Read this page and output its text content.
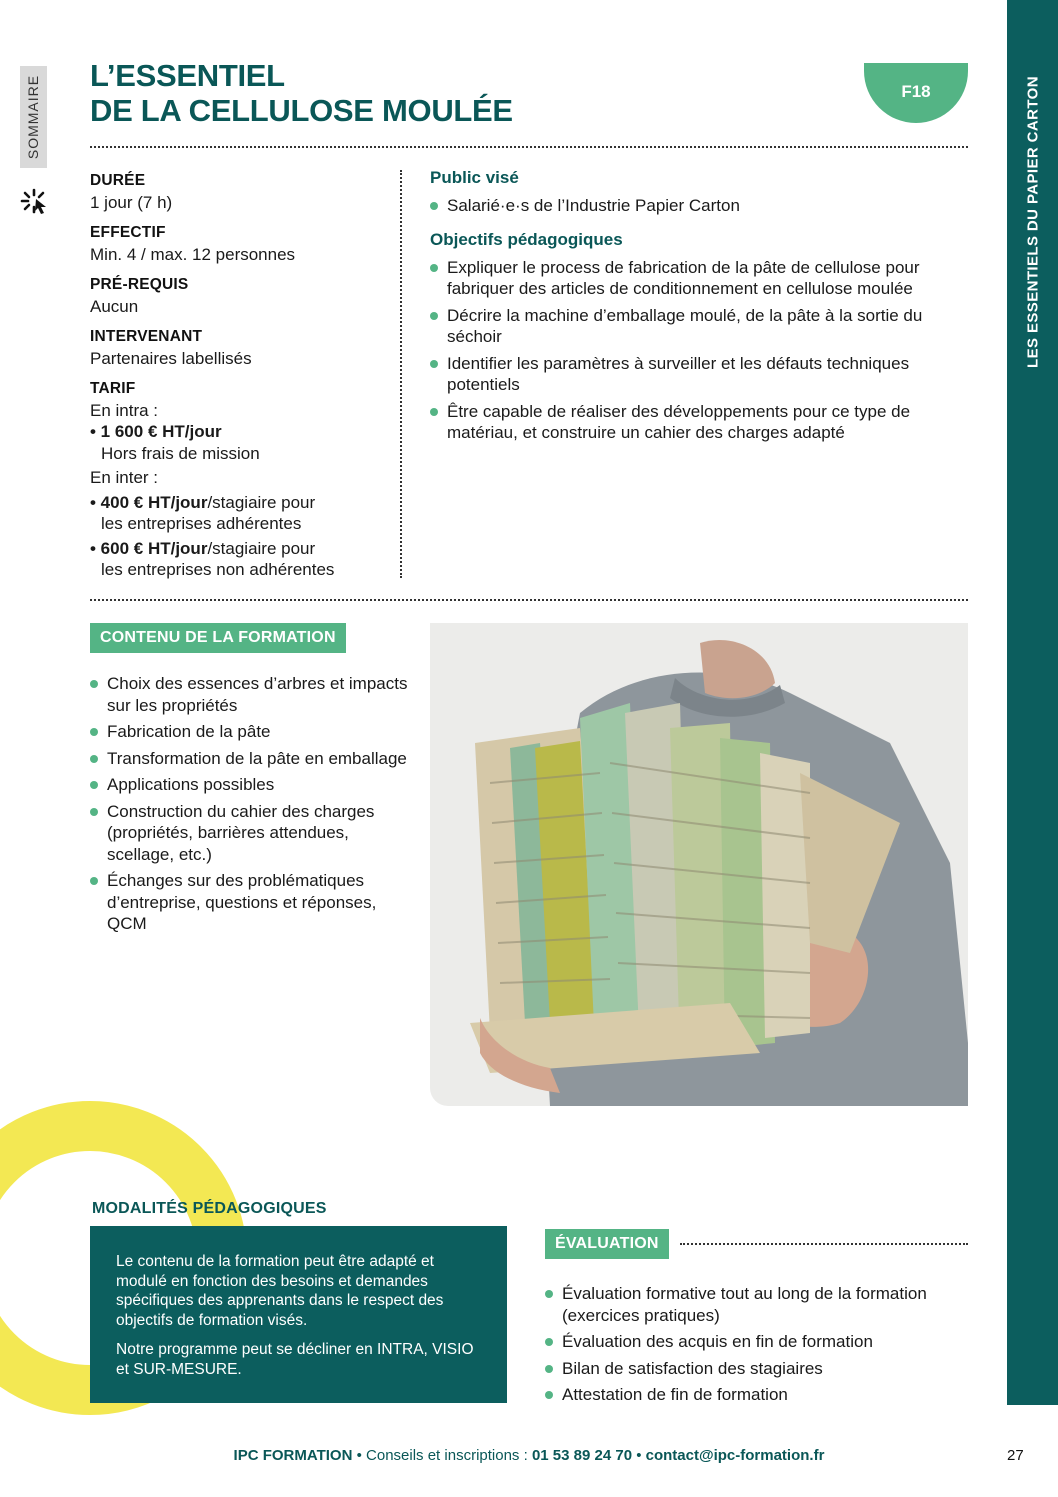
SOMMAIRE	LES ESSENTIELS DU PAPIER CARTON
L’ESSENTIEL
DE LA CELLULOSE MOULÉE
F18
DURÉE
1 jour (7 h)
EFFECTIF
Min. 4 / max. 12 personnes
PRÉ-REQUIS
Aucun
INTERVENANT
Partenaires labellisés
TARIF
En intra :
• 1 600 € HT/jour
Hors frais de mission
En inter :
• 400 € HT/jour/stagiaire pour
les entreprises adhérentes
• 600 € HT/jour/stagiaire pour
les entreprises non adhérentes
Public visé
Salarié·e·s de l’Industrie Papier Carton
Objectifs pédagogiques
Expliquer le process de fabrication de la pâte de cellulose pour fabriquer des articles de conditionnement en cellulose moulée
Décrire la machine d’emballage moulé, de la pâte à la sortie du séchoir
Identifier les paramètres à surveiller et les défauts techniques potentiels
Être capable de réaliser des développements pour ce type de matériau, et construire un cahier des charges adapté
CONTENU DE LA FORMATION
Choix des essences d’arbres et impacts sur les propriétés
Fabrication de la pâte
Transformation de la pâte en emballage
Applications possibles
Construction du cahier des charges (propriétés, barrières attendues, scellage, etc.)
Échanges sur des problématiques d’entreprise, questions et réponses, QCM
MODALITÉS PÉDAGOGIQUES

Le contenu de la formation peut être adapté et modulé en fonction des besoins et demandes spécifiques des apprenants dans le respect des objectifs de formation visés.

Notre programme peut se décliner en INTRA, VISIO et SUR-MESURE.

ÉVALUATION
Évaluation formative tout au long de la formation (exercices pratiques)
Évaluation des acquis en fin de formation
Bilan de satisfaction des stagiaires
Attestation de fin de formation
IPC FORMATION • Conseils et inscriptions : 01 53 89 24 70 • contact@ipc-formation.fr	27
